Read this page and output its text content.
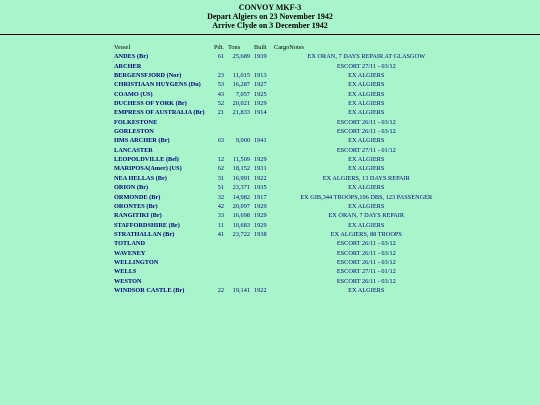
CONVOY MKF-3
Depart Algiers on 23 November 1942
Arrive Clyde on 3 December 1942
Vessel	Pdt.	Tons	Built	Cargo	Notes
ANDES (Br)	61	25,689	1939		EX ORAN, 7 DAYS REPAIR AT GLASGOW
ARCHER					ESCORT 27/11 - 03/12
BERGENSFJORD (Nor)	23	11,015	1913		EX ALGIERS
CHRISTIAAN HUYGENS (Du)	53	16,287	1927		EX ALGIERS
COAMO (US)	43	7,057	1925		EX ALGIERS
DUCHESS OF YORK (Br)	52	20,021	1929		EX ALGIERS
EMPRESS OF AUSTRALIA (Br)	21	21,833	1914		EX ALGIERS
FOLKESTONE					ESCORT 26/11 - 03/12
GORLESTON					ESCORT 26/11 - 03/12
HMS ARCHER (Br)	63	9,000	1941		EX ALGIERS
LANCASTER					ESCORT 27/11 - 01/12
LEOPOLDVILLE (Bel)	12	11,509	1929		EX ALGIERS
MARIPOSA(Amer) (US)	62	18,152	1931		EX ALGIERS
NEA HELLAS (Br)	31	16,991	1922		EX ALGIERS, 13 DAYS REPAIR
ORION (Br)	51	23,371	1935		EX ALGIERS
ORMONDE (Br)	32	14,982	1917		EX GIB,344 TROOPS,196 DBS, 123 PASSENGER
ORONTES (Br)	42	20,097	1929		EX ALGIERS
RANGITIKI (Br)	33	16,698	1929		EX ORAN, 7 DAYS REPAIR
STAFFORDSHIRE (Br)	11	10,683	1929		EX ALGIERS
STRATHALLAN (Br)	41	23,722	1938		EX ALGIERS, 88 TROOPS
TOTLAND					ESCORT 26/11 - 03/12
WAVENEY					ESCORT 26/11 - 03/12
WELLINGTON					ESCORT 26/11 - 03/12
WELLS					ESCORT 27/11 - 01/12
WESTON					ESCORT 26/11 - 03/12
WINDSOR CASTLE (Br)	22	19,141	1922		EX ALGIERS
